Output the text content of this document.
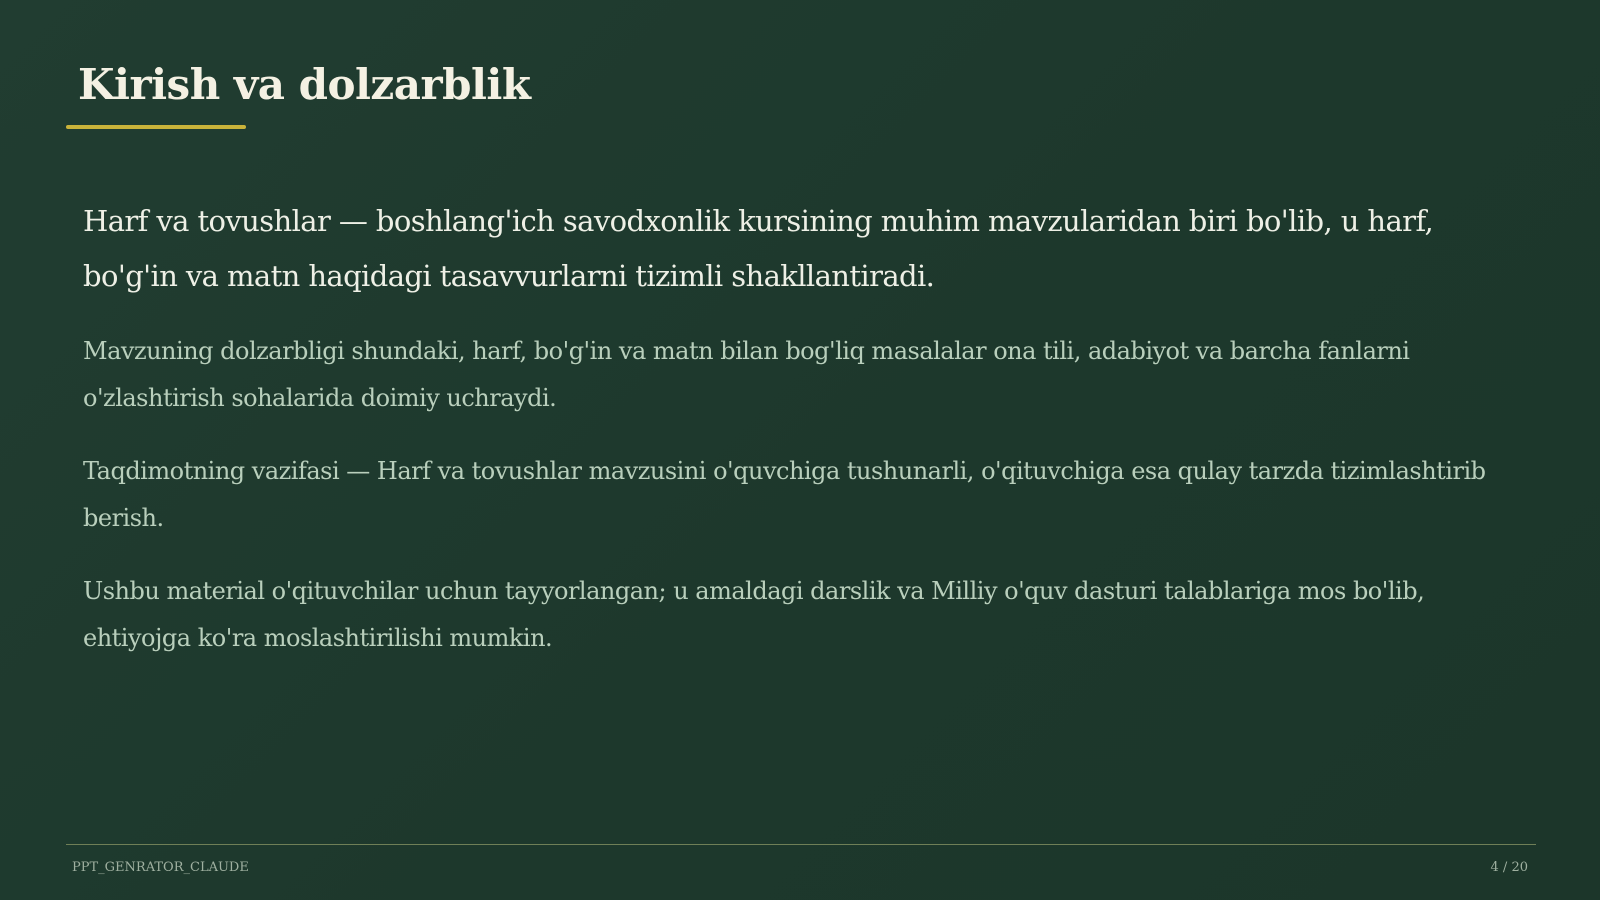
Kirish va dolzarblik

Harf va tovushlar — boshlang'ich savodxonlik kursining muhim mavzularidan biri bo'lib, u harf, bo'g'in va matn haqidagi tasavvurlarni tizimli shakllantiradi.

Mavzuning dolzarbligi shundaki, harf, bo'g'in va matn bilan bog'liq masalalar ona tili, adabiyot va barcha fanlarni o'zlashtirish sohalarida doimiy uchraydi.

Taqdimotning vazifasi — Harf va tovushlar mavzusini o'quvchiga tushunarli, o'qituvchiga esa qulay tarzda tizimlashtirib berish.

Ushbu material o'qituvchilar uchun tayyorlangan; u amaldagi darslik va Milliy o'quv dasturi talablariga mos bo'lib, ehtiyojga ko'ra moslashtirilishi mumkin.

PPT_GENRATOR_CLAUDE	4 / 20
